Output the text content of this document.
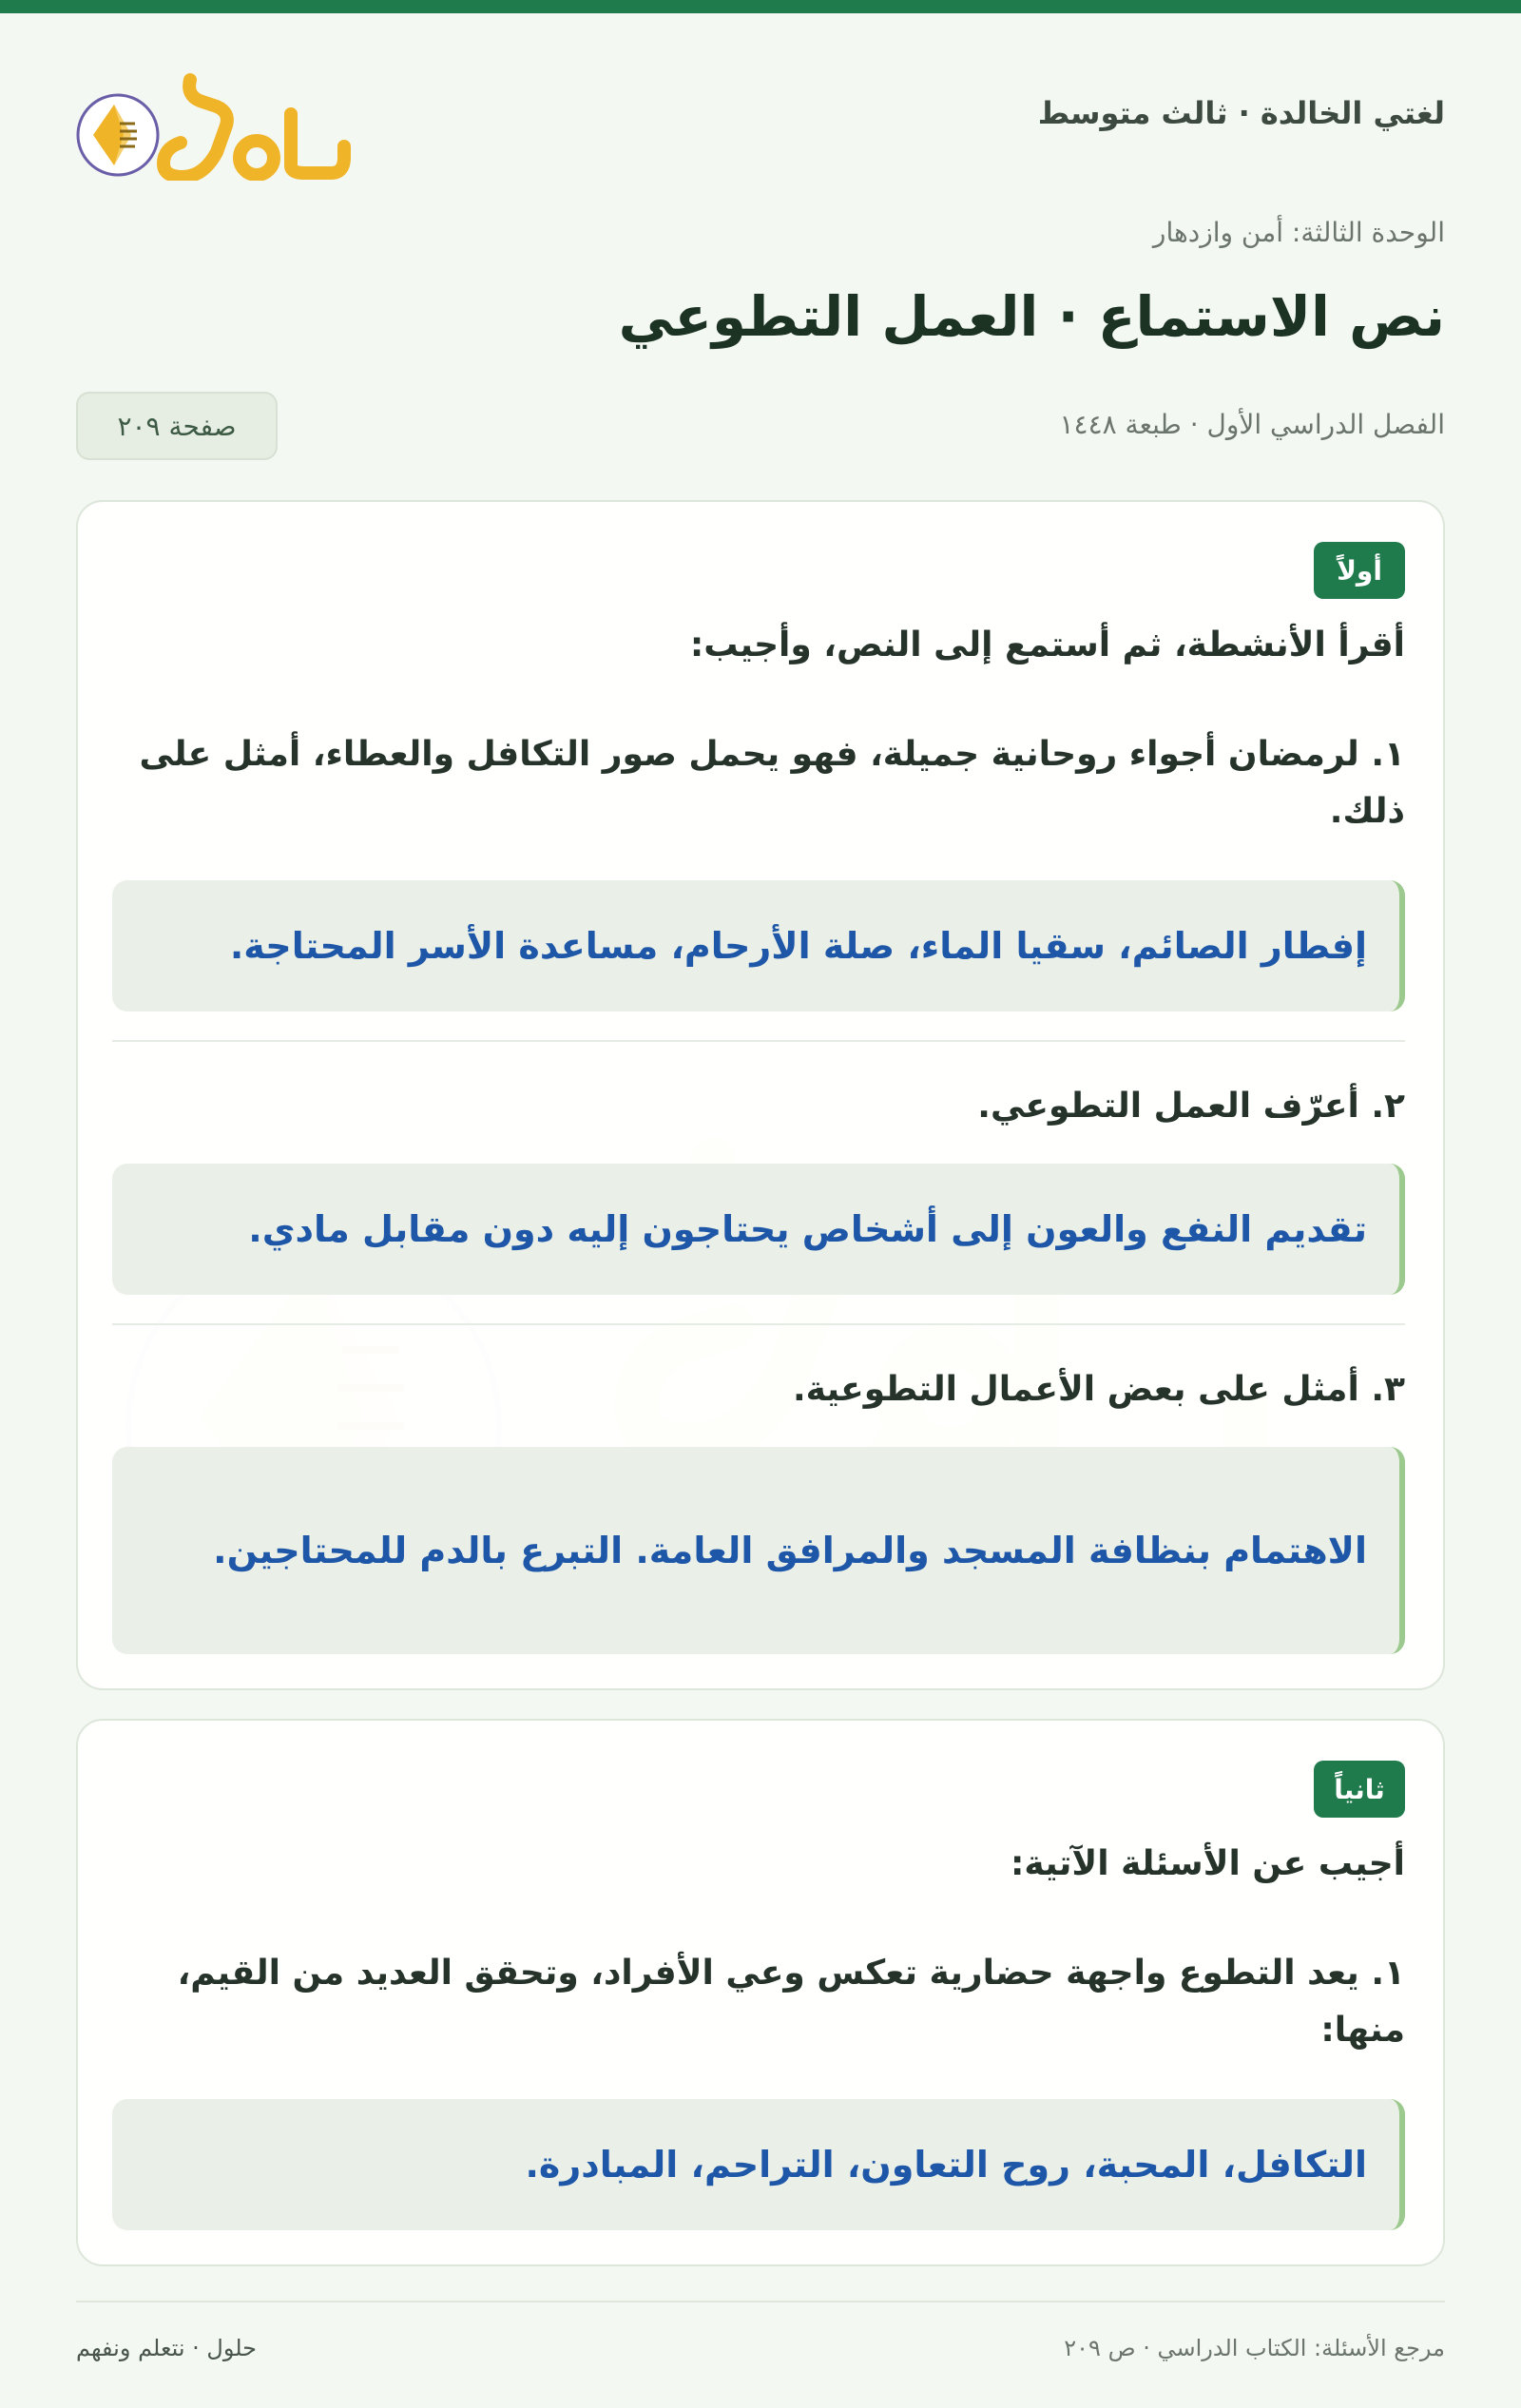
لغتي الخالدة · ثالث متوسط
الوحدة الثالثة: أمن وازدهار
نص الاستماع · العمل التطوعي
الفصل الدراسي الأول · طبعة ١٤٤٨
صفحة ٢٠٩
أولاً
أقرأ الأنشطة، ثم أستمع إلى النص، وأجيب:
١. لرمضان أجواء روحانية جميلة، فهو يحمل صور التكافل والعطاء، أمثل على ذلك.
إفطار الصائم، سقيا الماء، صلة الأرحام، مساعدة الأسر المحتاجة.
٢. أعرّف العمل التطوعي.
تقديم النفع والعون إلى أشخاص يحتاجون إليه دون مقابل مادي.
٣. أمثل على بعض الأعمال التطوعية.
الاهتمام بنظافة المسجد والمرافق العامة. التبرع بالدم للمحتاجين.
ثانياً
أجيب عن الأسئلة الآتية:
١. يعد التطوع واجهة حضارية تعكس وعي الأفراد، وتحقق العديد من القيم، منها:
التكافل، المحبة، روح التعاون، التراحم، المبادرة.
مرجع الأسئلة: الكتاب الدراسي · ص ٢٠٩
حلول · نتعلم ونفهم
